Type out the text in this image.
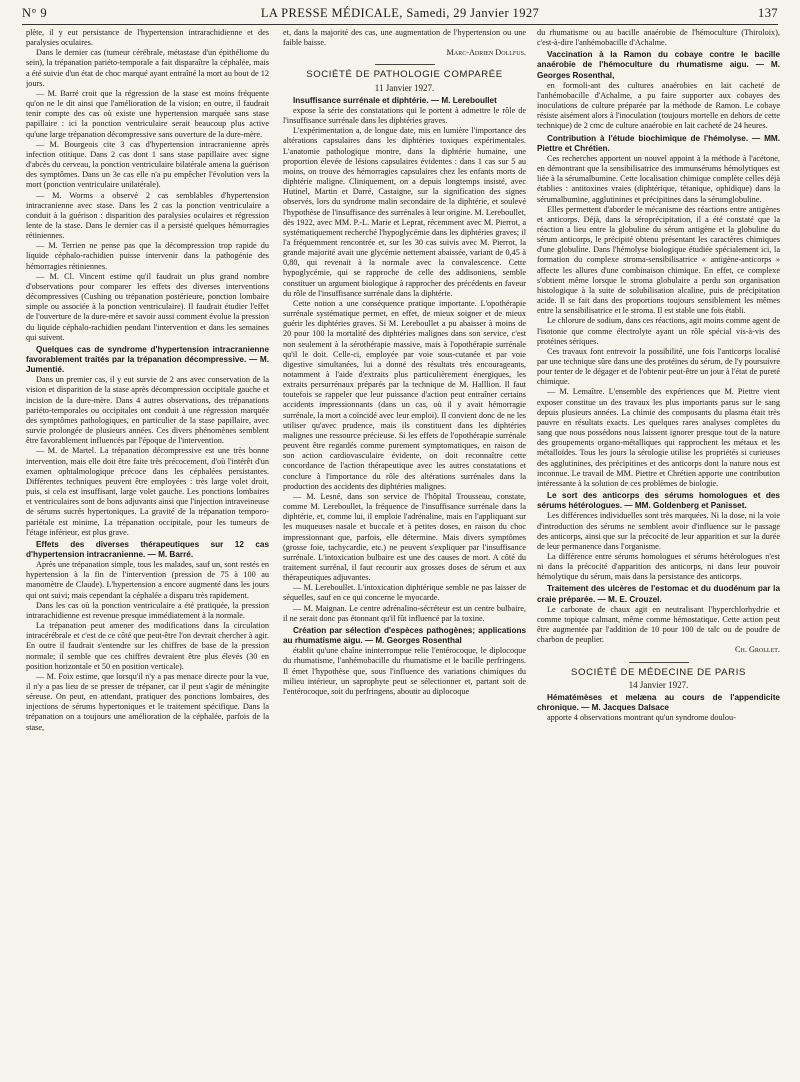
N° 9	LA PRESSE MÉDICALE, Samedi, 29 Janvier 1927	137

plète, il y eut persistance de l'hypertension intrarachidienne et des paralysies oculaires.

Dans le dernier cas (tumeur cérébrale, métastase d'un épithéliome du sein), la trépanation pariéto-temporale a fait disparaître la céphalée, mais a été suivie d'un état de choc marqué ayant entraîné la mort au bout de 12 jours.

— M. Barré croit que la régression de la stase est moins fréquente qu'on ne le dit ainsi que l'amélioration de la vision; en outre, il faudrait tenir compte des cas où existe une hypertension marquée sans stase papillaire : ici la ponction ventriculaire serait beaucoup plus active qu'une large trépanation décompressive sans ouverture de la dure-mère.

— M. Bourgeois cite 3 cas d'hypertension intracranienne après infection otitique. Dans 2 cas dont 1 sans stase papillaire avec signe d'abcès du cerveau, la ponction ventriculaire bilatérale amena la guérison des symptômes. Dans un 3e cas elle n'a pu empêcher l'évolution vers la mort (ponction ventriculaire unilatérale).

— M. Worms a observé 2 cas semblables d'hypertension intracranienne avec stase. Dans les 2 cas la ponction ventriculaire a conduit à la guérison : disparition des paralysies oculaires et régression lente de la stase. Dans le dernier cas il a persisté quelques hémorragies rétiniennes.

— M. Terrien ne pense pas que la décompression trop rapide du liquide céphalo-rachidien puisse intervenir dans la pathogénie des hémorragies rétiniennes.

— M. Cl. Vincent estime qu'il faudrait un plus grand nombre d'observations pour comparer les effets des diverses interventions décompressives (Cushing ou trépanation postérieure, ponction lombaire simple ou associée à la ponction ventriculaire). Il faudrait étudier l'effet de l'ouverture de la dure-mère et savoir aussi comment évolue la pression du liquide céphalo-rachidien pendant l'intervention et dans les semaines qui suivent.

Quelques cas de syndrome d'hypertension intracranienne favorablement traités par la trépanation décompressive. — M. Jumentié.

Dans un premier cas, il y eut survie de 2 ans avec conservation de la vision et disparition de la stase après décompression occipitale gauche et incision de la dure-mère. Dans 4 autres observations, des trépanations pariéto-temporales ou occipitales ont conduit à une régression marquée des symptômes pathologiques, en particulier de la stase papillaire, avec survie prolongée de plusieurs années. Ces divers phénomènes semblent être favorablement influencés par l'époque de l'intervention.

— M. de Martel. La trépanation décompressive est une très bonne intervention, mais elle doit être faite très précocement, d'où l'intérêt d'un examen ophtalmologique précoce dans les céphalées persistantes. Différentes techniques peuvent être employées : très large volet droit, puis, si cela est insuffisant, large volet gauche. Les ponctions lombaires et ventriculaires sont de bons adjuvants ainsi que l'injection intraveineuse de sérums sucrés hypertoniques. La gravité de la trépanation temporo-pariétale est minime, La trépanation occipitale, pour les tumeurs de l'étage inférieur, est plus grave.

Effets des diverses thérapeutiques sur 12 cas d'hypertension intracranienne. — M. Barré.

Après une trépanation simple, tous les malades, sauf un, sont restés en hypertension à la fin de l'intervention (pression de 75 à 100 au manomètre de Claude). L'hypertension a encore augmenté dans les jours qui ont suivi; mais cependant la céphalée a disparu très rapidement.

Dans les cas où la ponction ventriculaire a été pratiquée, la pression intrarachidienne est revenue presque immédiatement à la normale.

La trépanation peut amener des modifications dans la circulation intracérébrale et c'est de ce côté que peut-être l'on devrait chercher à agir. En outre il faudrait s'entendre sur les chiffres de base de la pression normale; il semble que ces chiffres devraient être plus élevés (30 en position horizontale et 50 en position verticale).

— M. Foix estime, que lorsqu'il n'y a pas menace directe pour la vue, il n'y a pas lieu de se presser de trépaner, car il peut s'agir de méningite séreuse. On peut, en attendant, pratiquer des ponctions lombaires, des injections de sérums hypertoniques et le traitement spécifique. Dans la trépanation on a toujours une amélioration de la céphalée, parfois de la stase,

et, dans la majorité des cas, une augmentation de l'hypertension ou une faible baisse.

Marc-Adrien Dollfus.
SOCIÉTÉ DE PATHOLOGIE COMPARÉE
11 Janvier 1927.
Insuffisance surrénale et diphtérie. — M. Lereboullet

expose la série des constatations qui le portent à admettre le rôle de l'insuffisance surrénale dans les diphtéries graves.

L'expérimentation a, de longue date, mis en lumière l'importance des altérations capsulaires dans les diphtéries toxiques expérimentales. L'anatomie pathologique montre, dans la diphtérie humaine, une proportion élevée de lésions capsulaires évidentes : dans 1 cas sur 5 au moins, on trouve des hémorragies capsulaires chez les enfants morts de diphtérie maligne. Cliniquement, on a depuis longtemps insisté, avec Hutinel, Martin et Darré, Castaigne, sur la signification des signes observés, lors du syndrome malin secondaire de la diphtérie, et soulevé l'hypothèse de l'insuffisance des surrénales à leur origine. M. Lereboullet, dès 1922, avec MM. P.-L. Marie et Leprat, récemment avec M. Pierrot, a systématiquement recherché l'hypoglycémie dans les diphtéries graves; il l'a fréquemment rencontrée et, sur les 30 cas suivis avec M. Pierrot, la grande majorité avait une glycémie nettement abaissée, variant de 0,45 à 0,80, qui revenait à la normale avec la convalescence. Cette hypoglycémie, qui se rapproche de celle des addisoniens, semble constituer un argument biologique à rapprocher des précédents en faveur du rôle de l'insuffisance surrénale dans la diphtérie.

Cette notion a une conséquence pratique importante. L'opothérapie surrénale systématique permet, en effet, de mieux soigner et de mieux guérir les diphtéries graves. Si M. Lereboullet a pu abaisser à moins de 20 pour 100 la mortalité des diphtéries malignes dans son service, c'est non seulement à la sérothérapie massive, mais à l'opothérapie surrénale qu'il le doit. Celle-ci, employée par voie sous-cutanée et par voie digestive simultanées, lui a donné des résultats très encourageants, notamment à l'aide d'extraits plus particulièrement énergiques, les extraits persurrénaux préparés par la technique de M. Halllion. Il faut toutefois se rappeler que leur puissance d'action peut entraîner certains accidents impressionnants (dans un cas, où il y avait hémorragie surrénale, la mort a coïncidé avec leur emploi). Il convient donc de ne les utiliser qu'avec prudence, mais ils constituent dans les diphtéries malignes une ressource précieuse. Si les effets de l'opothérapie surrénale peuvent être regardés comme purement symptomatiques, en raison de son action cardiovasculaire évidente, on doit reconnaître cette concordance de l'action thérapeutique avec les autres constatations et conclure à l'importance du rôle des altérations surrénales dans la production des accidents des diphtéries malignes.

— M. Lesné, dans son service de l'hôpital Trousseau, constate, comme M. Lereboullet, la fréquence de l'insuffisance surrénale dans la diphtérie, et, comme lui, il emploie l'adrénaline, mais en l'appliquant sur les muqueuses nasale et buccale et à petites doses, en raison du choc impressionnant que, parfois, elle détermine. Mais divers symptômes (grosse foie, tachycardie, etc.) ne peuvent s'expliquer par l'insuffisance surrénale. L'intoxication bulbaire est une des causes de mort. A côté du traitement surrénal, il faut recourir aux grosses doses de sérum et aux thérapeutiques adjuvantes.

— M. Lereboullet. L'intoxication diphtérique semble ne pas laisser de séquelles, sauf en ce qui concerne le myocarde.

— M. Maignan. Le centre adrénalino-sécréteur est un centre bulbaire, il ne serait donc pas étonnant qu'il fût influencé par la toxine.

Création par sélection d'espèces pathogènes; applications au rhumatisme aigu. — M. Georges Rosenthal

établit qu'une chaîne ininterrompue relie l'entérocoque, le diplocoque du rhumatisme, l'anhémobacille du rhumatisme et le bacille perfringens. Il émet l'hypothèse que, sous l'influence des variations chimiques du milieu intérieur, un saprophyte peut se sélectionner et, partant soit de l'entérocoque, soit du perfringens, aboutir au diplocoque

du rhumatisme ou au bacille anaérobie de l'hémoculture (Thiroloix), c'est-à-dire l'anhémobacille d'Achalme.

Vaccination à la Ramon du cobaye contre le bacille anaérobie de l'hémoculture du rhumatisme aigu. — M. Georges Rosenthal,

en formoli-ant des cultures anaérobies en lait cacheté de l'anhémobacille d'Achalme, a pu faire supporter aux cobayes des inoculations de culture préparée par la méthode de Ramon. Le cobaye résiste aisément alors à l'inoculation (toujours mortelle en dehors de cette technique) de 2 cmc de culture anaérobie en lait cacheté de 24 heures.

Contribution à l'étude biochimique de l'hémolyse. — MM. Piettre et Chrétien.

Ces recherches apportent un nouvel appoint à la méthode à l'acétone, en démontrant que la sensibilisatrice des immunsérums hémolytiques est liée à la sérumalbumine. Cette localisation chimique complète celles déjà établies : antitoxines vraies (diphtérique, tétanique, ophidique) dans la sérumalbumine, agglutinines et précipitines dans la sérumglobuline.

Elles permettent d'aborder le mécanisme des réactions entre antigènes et anticorps. Déjà, dans la séroprécipitation, il a été constaté que la réaction a lieu entre la globuline du sérum antigène et la globuline du sérum anticorps, le précipité obtenu présentant les caractères chimiques d'une globuline. Dans l'hémolyse biologique étudiée spécialement ici, la formation du complexe stroma-sensibilisatrice « antigène-anticorps » affecte les allures d'une combinaison chimique. En effet, ce complexe s'obtient même lorsque le stroma globulaire a perdu son organisation histologique à la suite de solubilisation alcaline, puis de précipitation acide. Il se fait dans des proportions toujours sensiblement les mêmes entre la sensibilisatrice et le stroma. Il est stable une fois établi.

Le chlorure de sodium, dans ces réactions, agit moins comme agent de l'isotonie que comme électrolyte ayant un rôle spécial vis-à-vis des protéines sériques.

Ces travaux font entrevoir la possibilité, une fois l'anticorps localisé par une technique sûre dans une des protéines du sérum, de l'y poursuivre pour tenter de le dégager et de l'obtenir peut-être un jour à l'état de pureté chimique.

— M. Lemaître. L'ensemble des expériences que M. Piettre vient exposer constitue un des travaux les plus importants parus sur le sang depuis plusieurs années. La chimie des composants du plasma était très pauvre en résultats exacts. Les quelques rares analyses complètes du sang que nous possédons nous laissent ignorer presque tout de la nature des groupements organo-métalliques qui rapprochent les métaux et les métalloïdes. Tous les jours la sérologie utilise les propriétés si curieuses des agglutinines, des précipitines et des anticorps dont la nature nous est inconnue. Le travail de MM. Piettre et Chrétien apporte une contribution intéressante à la solution de ces problèmes de biologie.

Le sort des anticorps des sérums homologues et des sérums hétérologues. — MM. Goldenberg et Panisset.

Les différences individuelles sont très marquées. Ni la dose, ni la voie d'introduction des sérums ne semblent avoir d'influence sur le passage des anticorps, ainsi que sur la précocité de leur apparition et sur la durée de leur permanence dans l'organisme.

La différence entre sérums homologues et sérums hétérologues n'est ni dans la précocité d'apparition des anticorps, ni dans leur pouvoir hémolytique du sérum, mais dans la persistance des anticorps.

Traitement des ulcères de l'estomac et du duodénum par la craie préparée. — M. E. Crouzel.

Le carbonate de chaux agit en neutralisant l'hyperchlorhydrie et comme topique calmant, même comme hémostatique. Cette action peut être augmentée par l'addition de 10 pour 100 de talc ou de poudre de charbon de peuplier.

Ch. Grollet.
SOCIÉTÉ DE MÉDECINE DE PARIS
14 Janvier 1927.
Hématémèses et melæna au cours de l'appendicite chronique. — M. Jacques Dalsace

apporte 4 observations montrant qu'un syndrome doulou-
